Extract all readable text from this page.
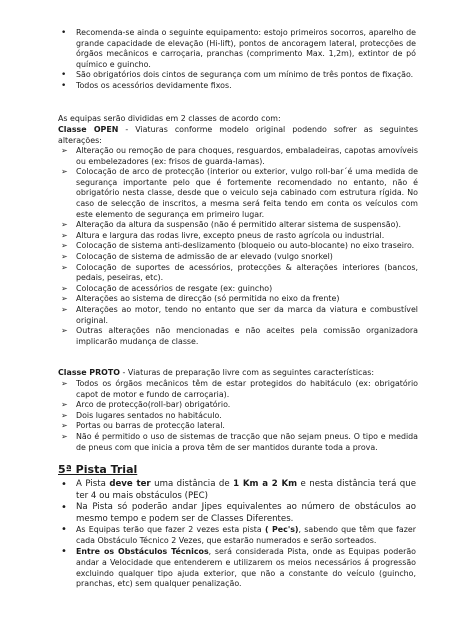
• Recomenda-se ainda o seguinte equipamento: estojo primeiros socorros, aparelho de grande capacidade de elevação (Hi-lift), pontos de ancoragem lateral, protecções de órgãos mecânicos e carroçaria, pranchas (comprimento Max. 1,2m), extintor de pó químico e guincho.
• São obrigatórios dois cintos de segurança com um mínimo de três pontos de fixação.
• Todos os acessórios devidamente fixos.

As equipas serão divididas em 2 classes de acordo com:

Classe OPEN - Viaturas conforme modelo original podendo sofrer as seguintes alterações:

➢ Alteração ou remoção de para choques, resguardos, embaladeiras, capotas amovíveis ou embelezadores (ex: frisos de guarda-lamas).
➢ Colocação de arco de protecção (interior ou exterior, vulgo roll-bar´é uma medida de segurança importante pelo que é fortemente recomendado no entanto, não é obrigatório nesta classe, desde que o veiculo seja cabinado com estrutura rígida. No caso de selecção de inscritos, a mesma será feita tendo em conta os veículos com este elemento de segurança em primeiro lugar.
➢ Alteração da altura da suspensão (não é permitido alterar sistema de suspensão).
➢ Altura e largura das rodas livre, excepto pneus de rasto agrícola ou industrial.
➢ Colocação de sistema anti-deslizamento (bloqueio ou auto-blocante) no eixo traseiro.
➢ Colocação de sistema de admissão de ar elevado (vulgo snorkel)
➢ Colocação de suportes de acessórios, protecções & alterações interiores (bancos, pedais, peseiras, etc).
➢ Colocação de acessórios de resgate (ex: guincho)
➢ Alterações ao sistema de direcção (só permitida no eixo da frente)
➢ Alterações ao motor, tendo no entanto que ser da marca da viatura e combustível original.
➢ Outras alterações não mencionadas e não aceites pela comissão organizadora implicarão mudança de classe.

Classe PROTO - Viaturas de preparação livre com as seguintes características:

➢ Todos os órgãos mecânicos têm de estar protegidos do habitáculo (ex: obrigatório capot de motor e fundo de carroçaria).
➢ Arco de protecção(roll-bar) obrigatório.
➢ Dois lugares sentados no habitáculo.
➢ Portas ou barras de protecção lateral.
➢ Não é permitido o uso de sistemas de tracção que não sejam pneus. O tipo e medida de pneus com que inicia a prova têm de ser mantidos durante toda a prova.
5ª Pista Trial
• A Pista deve ter uma distância de 1 Km a 2 Km e nesta distância terá que ter 4 ou mais obstáculos (PEC)
• Na Pista só poderão andar Jipes equivalentes ao número de obstáculos ao mesmo tempo e podem ser de Classes Diferentes.
• As Equipas terão que fazer 2 vezes esta pista ( Pec's), sabendo que têm que fazer cada Obstáculo Técnico 2 Vezes, que estarão numerados e serão sorteados.
• Entre os Obstáculos Técnicos, será considerada Pista, onde as Equipas poderão andar a Velocidade que entenderem e utilizarem os meios necessários á progressão excluindo qualquer tipo ajuda exterior, que não a constante do veículo (guincho, pranchas, etc) sem qualquer penalização.
